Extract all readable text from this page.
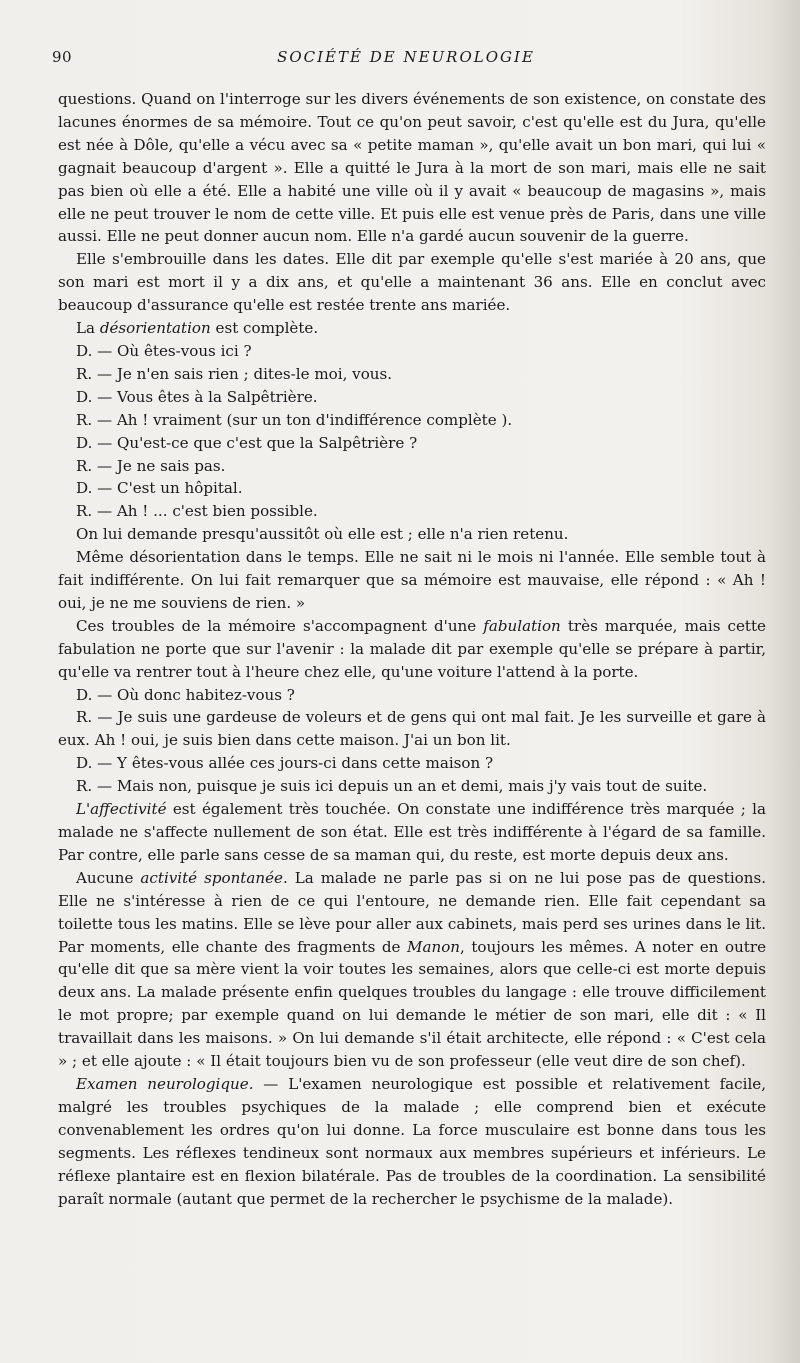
90	SOCIÉTÉ DE NEUROLOGIE

questions. Quand on l'interroge sur les divers événements de son existence, on constate des lacunes énormes de sa mémoire. Tout ce qu'on peut savoir, c'est qu'elle est du Jura, qu'elle est née à Dôle, qu'elle a vécu avec sa « petite maman », qu'elle avait un bon mari, qui lui « gagnait beaucoup d'argent ». Elle a quitté le Jura à la mort de son mari, mais elle ne sait pas bien où elle a été. Elle a habité une ville où il y avait « beaucoup de magasins », mais elle ne peut trouver le nom de cette ville. Et puis elle est venue près de Paris, dans une ville aussi. Elle ne peut donner aucun nom. Elle n'a gardé aucun souvenir de la guerre.

Elle s'embrouille dans les dates. Elle dit par exemple qu'elle s'est mariée à 20 ans, que son mari est mort il y a dix ans, et qu'elle a maintenant 36 ans. Elle en conclut avec beaucoup d'assurance qu'elle est restée trente ans mariée.

La désorientation est complète.

D. — Où êtes-vous ici ?
R. — Je n'en sais rien ; dites-le moi, vous.
D. — Vous êtes à la Salpêtrière.
R. — Ah ! vraiment (sur un ton d'indifférence complète ).
D. — Qu'est-ce que c'est que la Salpêtrière ?
R. — Je ne sais pas.
D. — C'est un hôpital.
R. — Ah ! ... c'est bien possible.

On lui demande presqu'aussitôt où elle est ; elle n'a rien retenu.

Même désorientation dans le temps. Elle ne sait ni le mois ni l'année. Elle semble tout à fait indifférente. On lui fait remarquer que sa mémoire est mauvaise, elle répond : « Ah ! oui, je ne me souviens de rien. »

Ces troubles de la mémoire s'accompagnent d'une fabulation très marquée, mais cette fabulation ne porte que sur l'avenir : la malade dit par exemple qu'elle se prépare à partir, qu'elle va rentrer tout à l'heure chez elle, qu'une voiture l'attend à la porte.

D. — Où donc habitez-vous ?

R. — Je suis une gardeuse de voleurs et de gens qui ont mal fait. Je les surveille et gare à eux. Ah ! oui, je suis bien dans cette maison. J'ai un bon lit.

D. — Y êtes-vous allée ces jours-ci dans cette maison ?
R. — Mais non, puisque je suis ici depuis un an et demi, mais j'y vais tout de suite.

L'affectivité est également très touchée. On constate une indifférence très marquée ; la malade ne s'affecte nullement de son état. Elle est très indifférente à l'égard de sa famille. Par contre, elle parle sans cesse de sa maman qui, du reste, est morte depuis deux ans.

Aucune activité spontanée. La malade ne parle pas si on ne lui pose pas de questions. Elle ne s'intéresse à rien de ce qui l'entoure, ne demande rien. Elle fait cependant sa toilette tous les matins. Elle se lève pour aller aux cabinets, mais perd ses urines dans le lit. Par moments, elle chante des fragments de Manon, toujours les mêmes. A noter en outre qu'elle dit que sa mère vient la voir toutes les semaines, alors que celle-ci est morte depuis deux ans. La malade présente enfin quelques troubles du langage : elle trouve difficilement le mot propre; par exemple quand on lui demande le métier de son mari, elle dit : « Il travaillait dans les maisons. » On lui demande s'il était architecte, elle répond : « C'est cela » ; et elle ajoute : « Il était toujours bien vu de son professeur (elle veut dire de son chef).

Examen neurologique. — L'examen neurologique est possible et relativement facile, malgré les troubles psychiques de la malade ; elle comprend bien et exécute convenablement les ordres qu'on lui donne. La force musculaire est bonne dans tous les segments. Les réflexes tendineux sont normaux aux membres supérieurs et inférieurs. Le réflexe plantaire est en flexion bilatérale. Pas de troubles de la coordination. La sensibilité paraît normale (autant que permet de la rechercher le psychisme de la malade).
